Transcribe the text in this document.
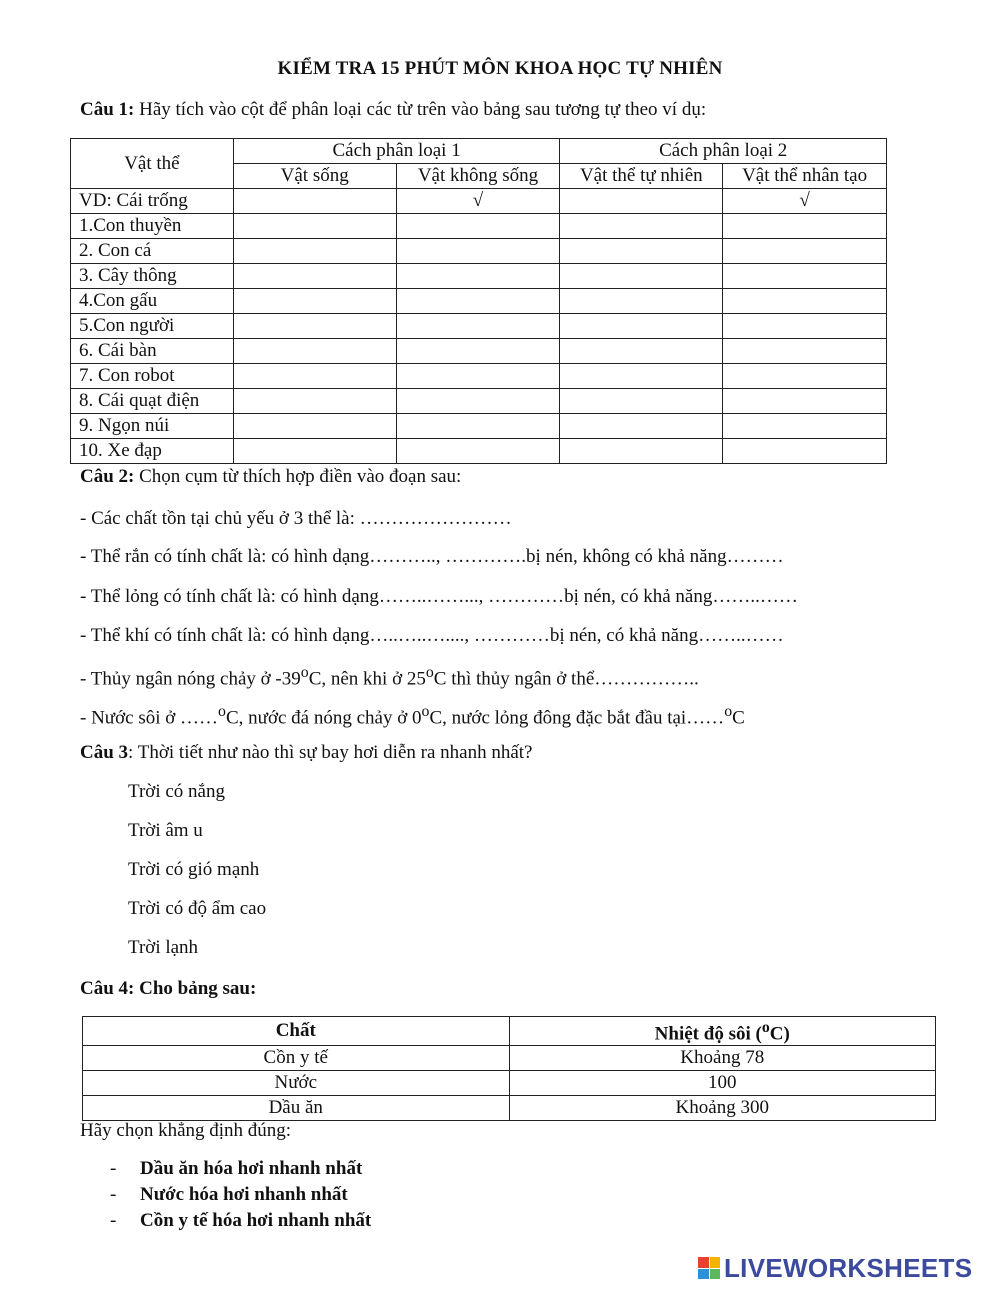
KIỂM TRA 15 PHÚT MÔN KHOA HỌC TỰ NHIÊN
Câu 1: Hãy tích vào cột để phân loại các từ trên vào bảng sau tương tự theo ví dụ:
Vật thể	Cách phân loại 1		Cách phân loại 2	
	Vật sống	Vật không sống	Vật thể tự nhiên	Vật thể nhân tạo
VD: Cái trống		√		√
1.Con thuyền				
2. Con cá				
3. Cây thông				
4.Con gấu				
5.Con người				
6. Cái bàn				
7. Con robot				
8. Cái quạt điện				
9. Ngọn núi				
10. Xe đạp				
Câu 2: Chọn cụm từ thích hợp điền vào đoạn sau:
- Các chất tồn tại chủ yếu ở 3 thể là: ……………………
- Thể rắn có tính chất là: có hình dạng……….., ………….bị nén, không có khả năng………
- Thể lỏng có tính chất là: có hình dạng……..……..., …………bị nén, có khả năng……..……
- Thể khí có tính chất là: có hình dạng…..…..…...., …………bị nén, có khả năng……..……
- Thủy ngân nóng chảy ở -39$^o$C, nên khi ở 25$^o$C thì thủy ngân ở thể……………..
- Nước sôi ở ……$^o$C, nước đá nóng chảy ở 0$^o$C, nước lỏng đông đặc bắt đầu tại……$^o$C
Câu 3: Thời tiết như nào thì sự bay hơi diễn ra nhanh nhất?
Trời có nắng
Trời âm u
Trời có gió mạnh
Trời có độ ẩm cao
Trời lạnh
Câu 4: Cho bảng sau:
Chất	Nhiệt độ sôi ($^o$C)
Cồn y tế	Khoảng 78
Nước	100
Dầu ăn	Khoảng 300
Hãy chọn khẳng định đúng:
- Dầu ăn hóa hơi nhanh nhất
- Nước hóa hơi nhanh nhất
- Cồn y tế hóa hơi nhanh nhất
LIVEWORKSHEETS
